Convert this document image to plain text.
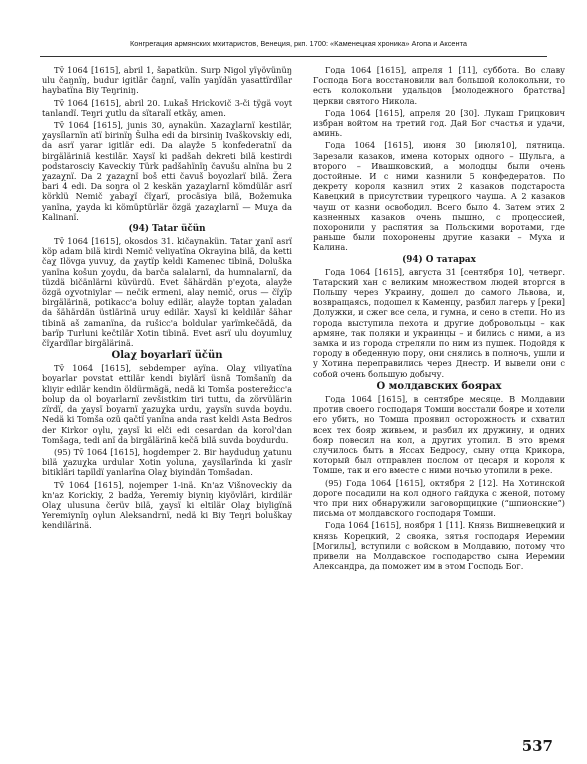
Конгрегация армянских мхитаристов, Венеция, ркп. 1700: «Каменецкая хроника» Агопа и Аксента

Tv̄ 1064 [1615], abril 1, šapatkün. Surp Nigol yïγövünüŋ ulu čaŋnïŋ, budur igitlär čaŋnï, valïn yaŋïdän yasattïrdïlar haybatïna Biy Teŋriniŋ.

Tv̄ 1064 [1615], abril 20. Lukaš Hrickovič 3-či tÿgä voyt tanlandï. Teŋri χutlu da sïtaralï etkäy, amen.

Tv̄ 1064 [1615], junis 30, aynakün. Χazaχlarnï kestilär, χaysïlarnïn atï birinïŋ Šulha edi da birsiniŋ Ivaškovskiy edi, da asrï yarar igitlär edi. Da alayže 5 konfederatnï da birgäläriniä kestilär. Χaysï ki padšah dekreti bilä kestirdi podstarosciy Kaveckiy Türk padšahïnïŋ čavušu alnïna bu 2 χazaχnï. Da 2 χazaχnï boš etti čavuš boyozlarï bilä. Žera bari 4 edi. Da soŋra ol 2 keskän χazaχlarnï kömdülär asrï körklü Nemič χabaχï čïχarï, procäsiya bilä, Božemuka yanïna, χayda ki kömüptürlär özgä χazaχlarnï — Muχa da Kalinanï.

(94) Tatar üčün

Tv̄ 1064 [1615], okosdos 31. kičaynakün. Tatar χanï asrï köp adam bilä kirdi Nemič veliyatïna Okrayina bilä, da ketti čaχ Ilövga yuvuχ, da χaytïp keldi Kamenec tibinä, Doluška yanïna košun χoydu, da barča salalarnï, da humnalarnï, da tüzdä bičänlärni küvürdü. Evet šähärdän p'eχota, alayže özgä oχvotniylar — nečik ermeni, alay nemič, orus — čïχïp birgälärinä, potikacc'a boluy edilär, alayže toptan χaladan da šähärdän üstlärinä uruy edilär. Χaysï ki keldilär šähar tibinä aš zamanïna, da rušicc'a boldular yarïmkečädä, da barïp Turluni kečtilär Χotin tibinä. Evet asrï ulu doyumluχ čïχardïlar birgälärinä.

Olaχ boyarlarï üčün

Tv̄ 1064 [1615], sebdemper ayïna. Olaχ viliyatïna boyarlar povstat ettilär kendi biylärï üsnä Tomšanïŋ da kliyir edilär kendin öldürmägä, nedä ki Tomša posterežicc'a bolup da ol boyarlarnï zevšistkim tiri tuttu, da zörvülärin zïrdï, da χaysï boyarnï χazuχka urdu, χaysïn suvda boydu. Nedä ki Tomša ozü qačtï yanïna anda rast keldi Asta Bedros der Kirkor oγlu, χaysï ki elči edi cesardan da korol'dan Tomšaga, tedi anï da birgälärinä kečä bilä suvda boydurdu.

(95) Tv̄ 1064 [1615], hogdemper 2. Bir hayduduŋ χatunu bilä χazuχka urdular Χotin yoluna, χaysïlarïnda ki χasïr bitikläri tapïldï yanlarïna Olaχ biyindän Tomšadan.

Tv̄ 1064 [1615], nojemper 1-inä. Kn'az Višnoveckiy da kn'az Korickiy, 2 badža, Yeremiy biyniŋ kiyövläri, kirdilär Olaχ ulusuna čerüv bilä, χaysï ki eltilär Olaχ biyligïnä Yeremiynïŋ oγlun Aleksandrnï, nedä ki Biy Teŋri boluškay kendilärinä.

Года 1064 [1615], апреля 1 [11], суббота. Во славу Господа Бога восстановили вал большой колокольни, то есть колокольни удальцов [молодежного братства] церкви святого Никола.

Года 1064 [1615], апреля 20 [30]. Лукаш Грицкович избран войтом на третий год. Дай Бог счастья и удачи, аминь.

Года 1064 [1615], июня 30 [июля10], пятница. Зарезали казаков, имена которых одного – Шульга, а второго – Ивашковский, а молодцы были очень достойные. И с ними казнили 5 конфедератов. По декрету короля казнил этих 2 казаков подстароста Кавецкий в присутствии турецкого чауша. А 2 казаков чауш от казни освободил. Всего было 4. Затем этих 2 казненных казаков очень пышно, с процессией, похоронили у распятия за Польскими воротами, где раньше были похоронены другие казаки – Муха и Калина.

(94) О татарах

Года 1064 [1615], августа 31 [сентября 10], четверг. Татарский хан с великим множеством людей вторгся в Польшу через Украину, дошел до самого Львова, и, возвращаясь, подошел к Каменцу, разбил лагерь у [реки] Долужки, и сжег все села, и гумна, и сено в степи. Но из города выступила пехота и другие добровольцы – как армяне, так поляки и украинцы – и бились с ними, а из замка и из города стреляли по ним из пушек. Подойдя к городу в обеденную пору, они снялись в полночь, ушли и у Хотина переправились через Днестр. И вывели они с собой очень большую добычу.

О молдавских боярах

Года 1064 [1615], в сентябре месяце. В Молдавии против своего господаря Томши восстали бояре и хотели его убить, но Томша проявил осторожность и схватил всех тех бояр живьем, и разбил их дружину, и одних бояр повесил на кол, а других утопил. В это время случилось быть в Яссах Бедросу, сыну отца Крикора, который был отправлен послом от цесаря и короля к Томше, так и его вместе с ними ночью утопили в реке.

(95) Года 1064 [1615], октября 2 [12]. На Хотинской дороге посадили на кол одного гайдука с женой, потому что при них обнаружили заговорщицкие (“шпионские”) письма от молдавского господаря Томши.

Года 1064 [1615], ноября 1 [11]. Князь Вишневецкий и князь Корецкий, 2 свояка, зятья господаря Иеремии [Могилы], вступили с войском в Молдавию, потому что привели на Молдавское господарство сына Иеремии Александра, да поможет им в этом Господь Бог.

537
